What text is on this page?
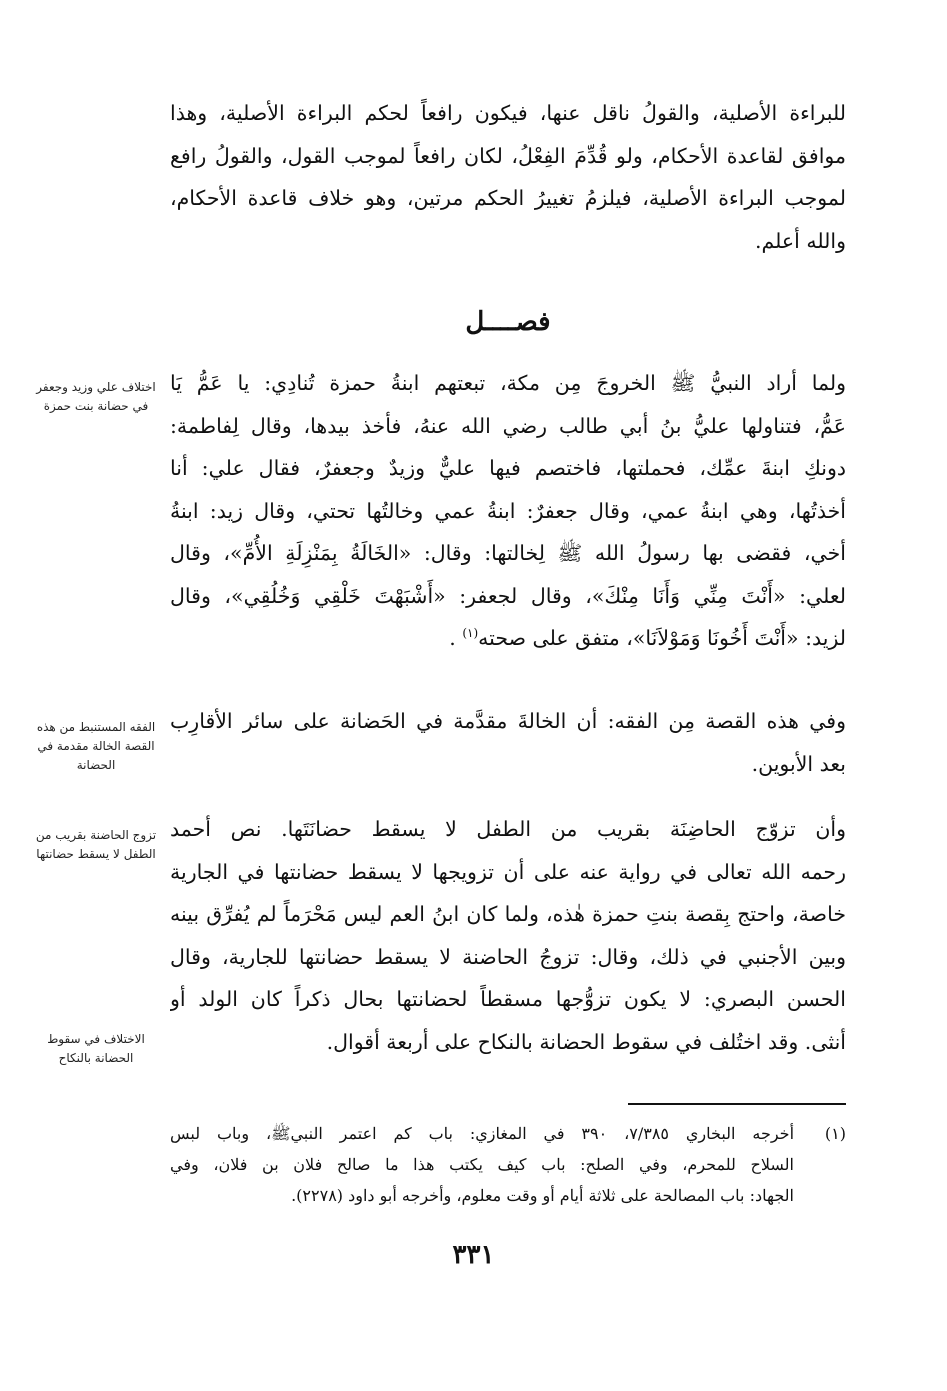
للبراءة الأصلية، والقولُ ناقل عنها، فيكون رافعاً لحكم البراءة الأصلية، وهذا
موافق لقاعدة الأحكام، ولو قُدِّمَ الفِعْلُ، لكان رافعاً لموجب القول، والقولُ رافع
لموجب البراءة الأصلية، فيلزمُ تغييرُ الحكم مرتين، وهو خلاف قاعدة الأحكام،
والله أعلم.
فصــــل
ولما أراد النبيُّ ﷺ الخروجَ مِن مكة، تبعتهم ابنةُ حمزة تُنادِي: يا عَمُّ يَا
عَمُّ، فتناولها عليُّ بنُ أبي طالب رضي الله عنهُ، فأخذ بيدها، وقال لِفاطمة:
دونكِ ابنةَ عمِّك، فحملتها، فاختصم فيها عليٌّ وزيدٌ وجعفرٌ، فقال علي: أنا
أخذتُها، وهي ابنةُ عمي، وقال جعفرٌ: ابنةُ عمي وخالتُها تحتي، وقال زيد: ابنةُ
أخي، فقضى بها رسولُ الله ﷺ لِخالتها: وقال: «الخَالَةُ بِمَنْزِلَةِ الأُمِّ»، وقال
لعلي: «أَنْتَ مِنِّي وَأَنَا مِنْكَ»، وقال لجعفر: «أَشْبَهْتَ خَلْقِي وَخُلُقِي»، وقال
لزيد: «أَنْتَ أَخُونَا وَمَوْلاَنَا»، متفق على صحته$^{(١)}$ .
وفي هذه القصة مِن الفقه: أن الخالةَ مقدَّمة في الحَضانة على سائر الأقارِب
بعد الأبوين.
وأن تزوّج الحاضِنَة بقريب من الطفل لا يسقط حضانَتَها. نص أحمد
رحمه الله تعالى في رواية عنه على أن تزويجها لا يسقط حضانتها في الجارية
خاصة، واحتج بِقصة بنتِ حمزة هٰذه، ولما كان ابنُ العم ليس مَحْرَماً لم يُفرِّق بينه
وبين الأجنبي في ذلك، وقال: تزوجُ الحاضنة لا يسقط حضانتها للجارية، وقال
الحسن البصري: لا يكون تزوُّجها مسقطاً لحضانتها بحال ذكراً كان الولد أو
أنثى. وقد اختُلف في سقوط الحضانة بالنكاح على أربعة أقوال.
اختلاف علي وزيد وجعفر في حضانة بنت حمزة
الفقه المستنبط من هذه القصة الخالة مقدمة في الحضانة
تزوج الحاضنة بقريب من الطفل لا يسقط حضانتها
الاختلاف في سقوط الحضانة بالنكاح
(١)
أخرجه البخاري ٧/٣٨٥، ٣٩٠ في المغازي: باب كم اعتمر النبيﷺ، وباب لبس
السلاح للمحرم، وفي الصلح: باب كيف يكتب هذا ما صالح فلان بن فلان، وفي
الجهاد: باب المصالحة على ثلاثة أيام أو وقت معلوم، وأخرجه أبو داود (٢٢٧٨).
٣٣١
